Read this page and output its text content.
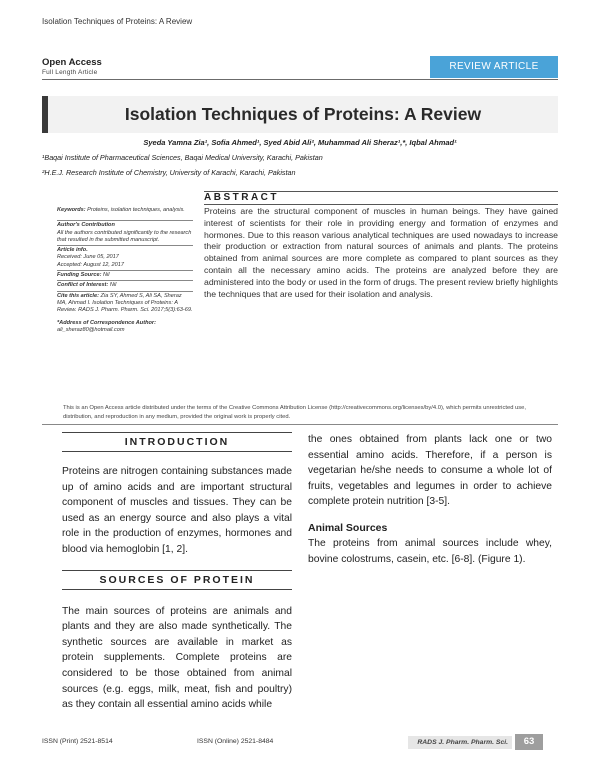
Isolation Techniques of Proteins: A Review
Open Access
Full Length Article
REVIEW ARTICLE
Isolation Techniques of Proteins: A Review
Syeda Yamna Zia¹, Sofia Ahmed¹, Syed Abid Ali², Muhammad Ali Sheraz¹,*, Iqbal Ahmad¹
¹Baqai Institute of Pharmaceutical Sciences, Baqai Medical University, Karachi, Pakistan
²H.E.J. Research Institute of Chemistry, University of Karachi, Karachi, Pakistan
Keywords: Proteins, isolation techniques, analysis.
Author's Contribution
All the authors contributed significantly to the research that resulted in the submitted manuscript.
Article info.
Received: June 05, 2017
Accepted: August 12, 2017
Funding Source: Nil
Conflict of Interest: Nil
Cite this article: Zia SY, Ahmed S, Ali SA, Sheraz MA, Ahmad I. Isolation Techniques of Proteins: A Review. RADS J. Pharm. Pharm. Sci. 2017;5(3):63-69.
*Address of Correspondence Author:
ali_sheraz80@hotmail.com
ABSTRACT
Proteins are the structural component of muscles in human beings. They have gained interest of scientists for their role in providing energy and formation of enzymes and hormones. Due to this reason various analytical techniques are used nowadays to increase their production or extraction from natural sources of animals and plants. The proteins obtained from animal sources are more complete as compared to plant sources as they contain all the necessary amino acids. The proteins are analyzed before they are administered into the body or used in the form of drugs. The present review briefly highlights the techniques that are used for their isolation and analysis.
This is an Open Access article distributed under the terms of the Creative Commons Attribution License (http://creativecommons.org/licenses/by/4.0), which permits unrestricted use, distribution, and reproduction in any medium, provided the original work is properly cited.
INTRODUCTION
Proteins are nitrogen containing substances made up of amino acids and are important structural component of muscles and tissues. They can be used as an energy source and also plays a vital role in the production of enzymes, hormones and blood via hemoglobin [1, 2].
SOURCES OF PROTEIN
The main sources of proteins are animals and plants and they are also made synthetically. The synthetic sources are available in market as protein supplements. Complete proteins are considered to be those obtained from animal sources (e.g. eggs, milk, meat, fish and poultry) as they contain all essential amino acids while
the ones obtained from plants lack one or two essential amino acids. Therefore, if a person is vegetarian he/she needs to consume a whole lot of fruits, vegetables and legumes in order to achieve complete protein nutrition [3-5].
Animal Sources
The proteins from animal sources include whey, bovine colostrums, casein, etc. [6-8]. (Figure 1).
ISSN (Print) 2521-8514	ISSN (Online) 2521-8484	RADS J. Pharm. Pharm. Sci.	63
